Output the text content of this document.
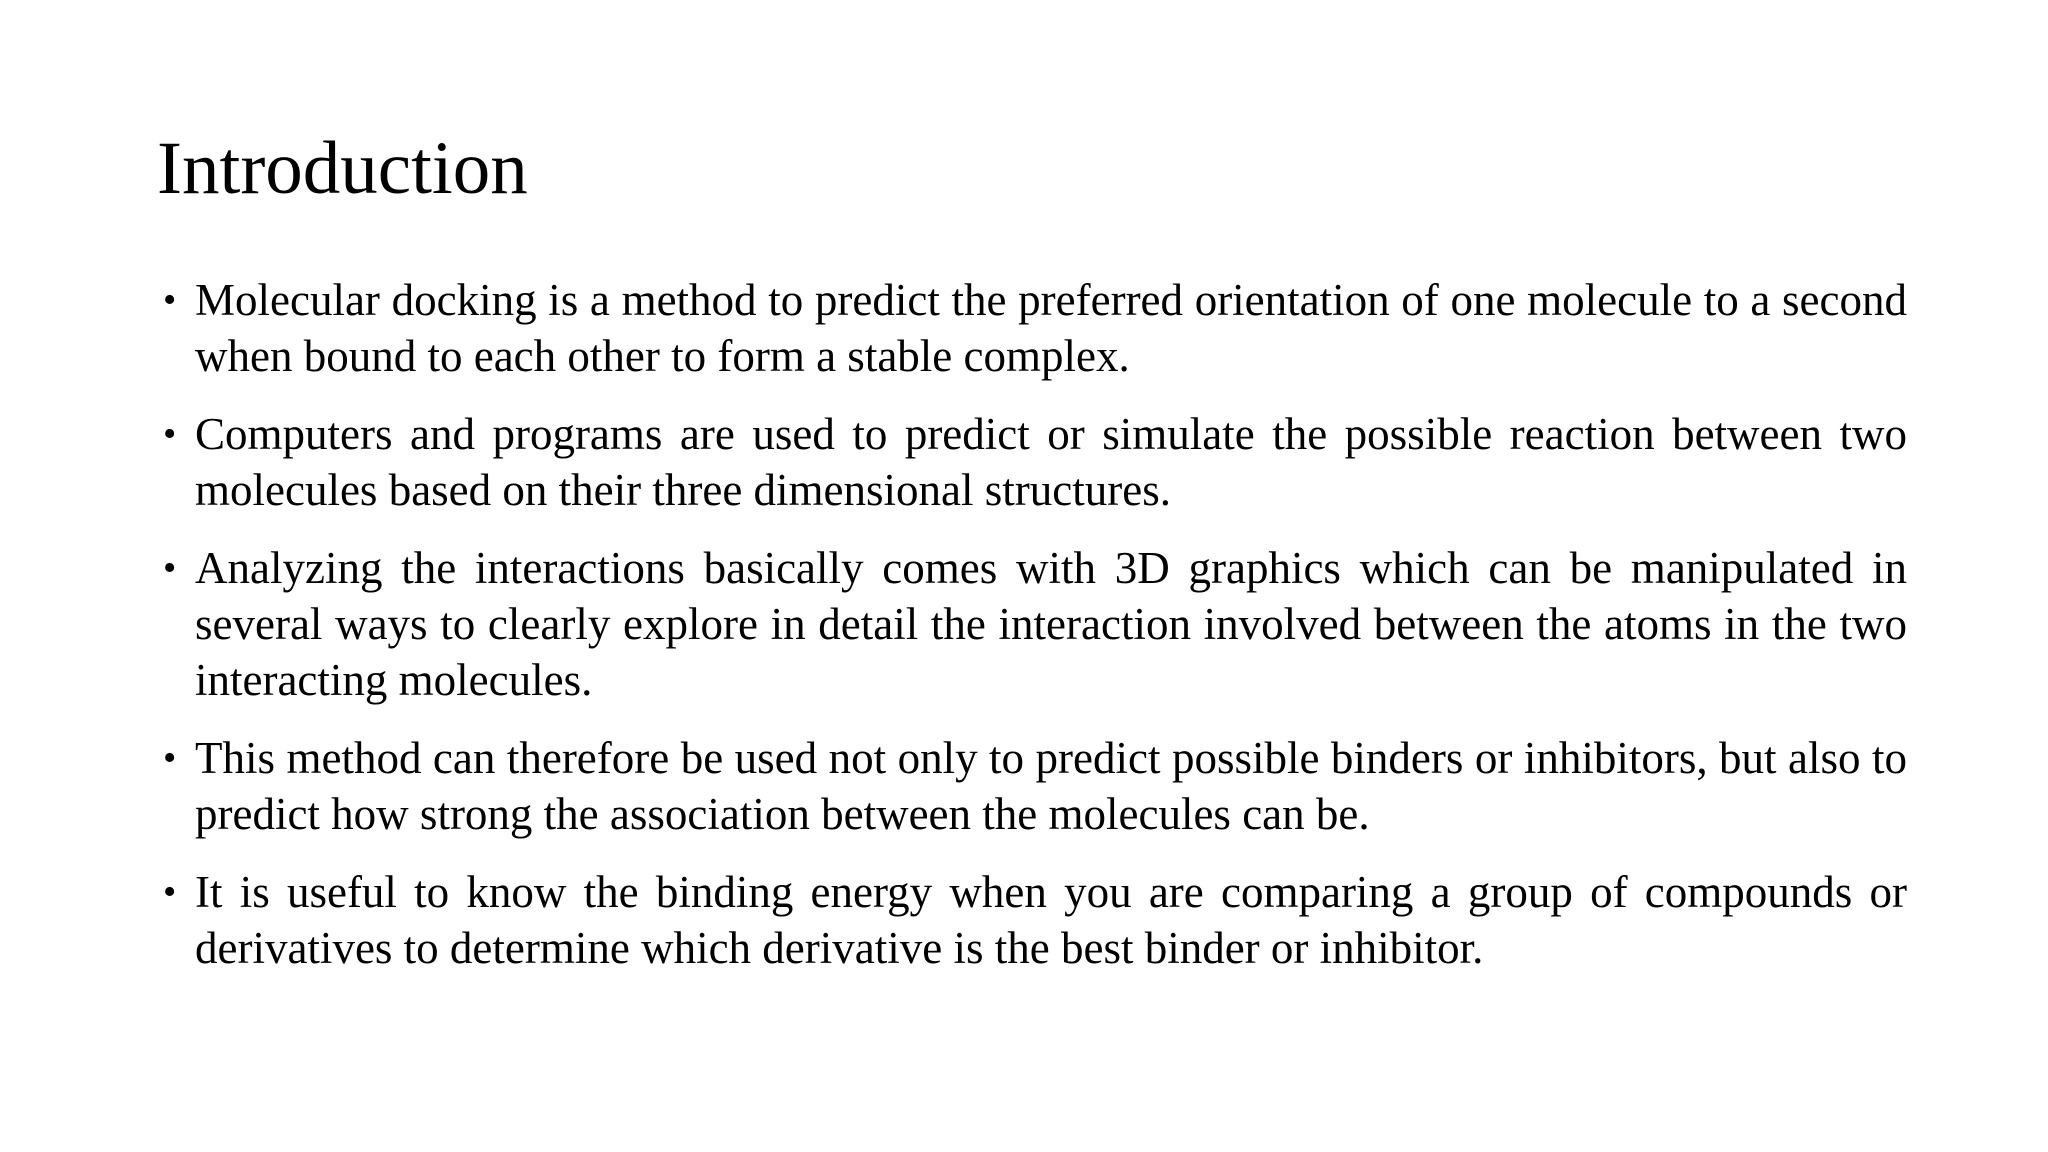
Introduction
• Molecular docking is a method to predict the preferred orientation of one molecule to a second when bound to each other to form a stable complex.
• Computers and programs are used to predict or simulate the possible reaction between two molecules based on their three dimensional structures.
• Analyzing the interactions basically comes with 3D graphics which can be manipulated in several ways to clearly explore in detail the interaction involved between the atoms in the two interacting molecules.
• This method can therefore be used not only to predict possible binders or inhibitors, but also to predict how strong the association between the molecules can be.
• It is useful to know the binding energy when you are comparing a group of compounds or derivatives to determine which derivative is the best binder or inhibitor.
